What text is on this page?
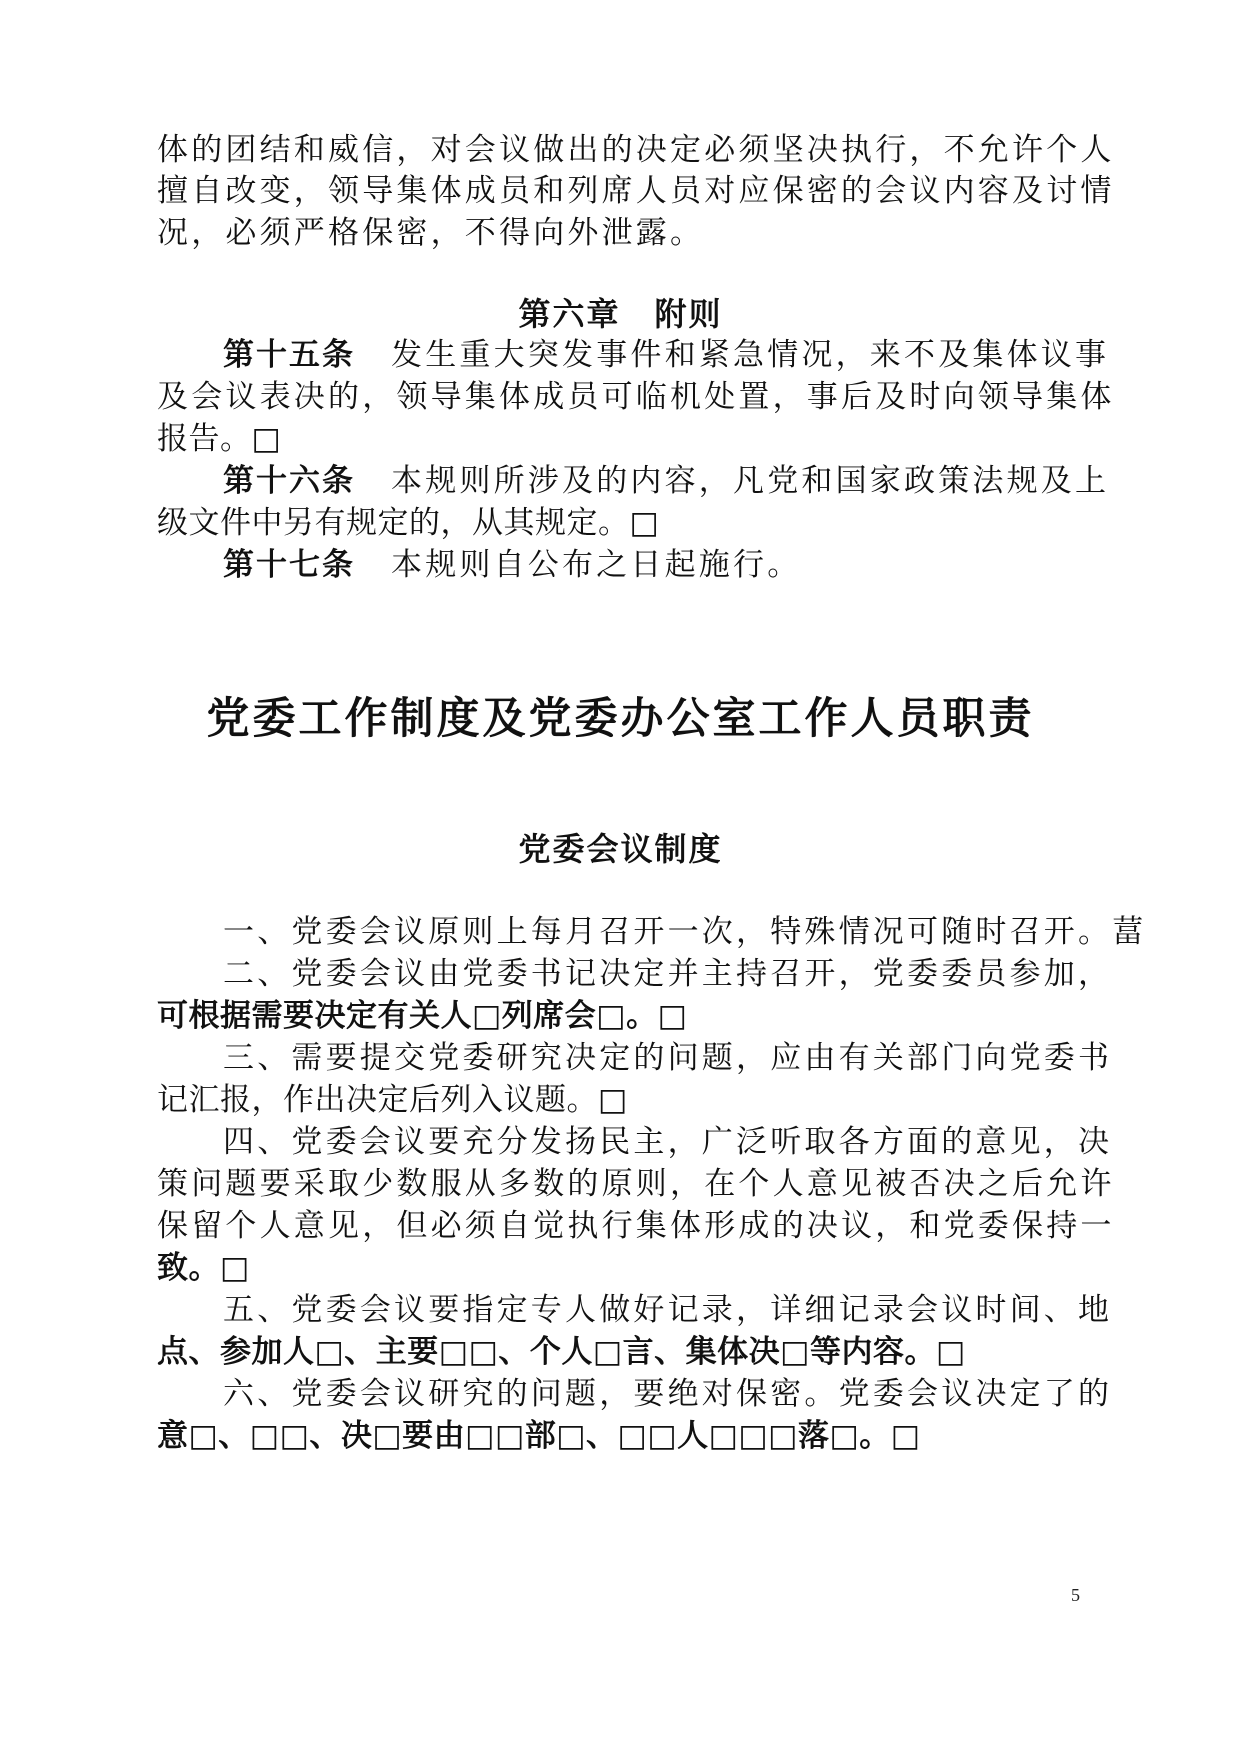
体的团结和威信，对会议做出的决定必须坚决执行，不允许个人
擅自改变，领导集体成员和列席人员对应保密的会议内容及讨情
况，必须严格保密，不得向外泄露。
第六章　附则
第十五条 发生重大突发事件和紧急情况，来不及集体议事
及会议表决的，领导集体成员可临机处置，事后及时向领导集体
报告。□
第十六条 本规则所涉及的内容，凡党和国家政策法规及上
级文件中另有规定的，从其规定。□
第十七条 本规则自公布之日起施行。
党委工作制度及党委办公室工作人员职责
党委会议制度
一、党委会议原则上每月召开一次，特殊情况可随时召开。葍
二、党委会议由党委书记决定并主持召开，党委委员参加，
可根据需要决定有关人□列席会□。□
三、需要提交党委研究决定的问题，应由有关部门向党委书
记汇报，作出决定后列入议题。□
四、党委会议要充分发扬民主，广泛听取各方面的意见，决
策问题要采取少数服从多数的原则，在个人意见被否决之后允许
保留个人意见，但必须自觉执行集体形成的决议，和党委保持一
致。□
五、党委会议要指定专人做好记录，详细记录会议时间、地
点、参加人□、主要□□、个人□言、集体决□等内容。□
六、党委会议研究的问题，要绝对保密。党委会议决定了的
意□、□□、决□要由□□部□、□□人□□□落□。□
5
